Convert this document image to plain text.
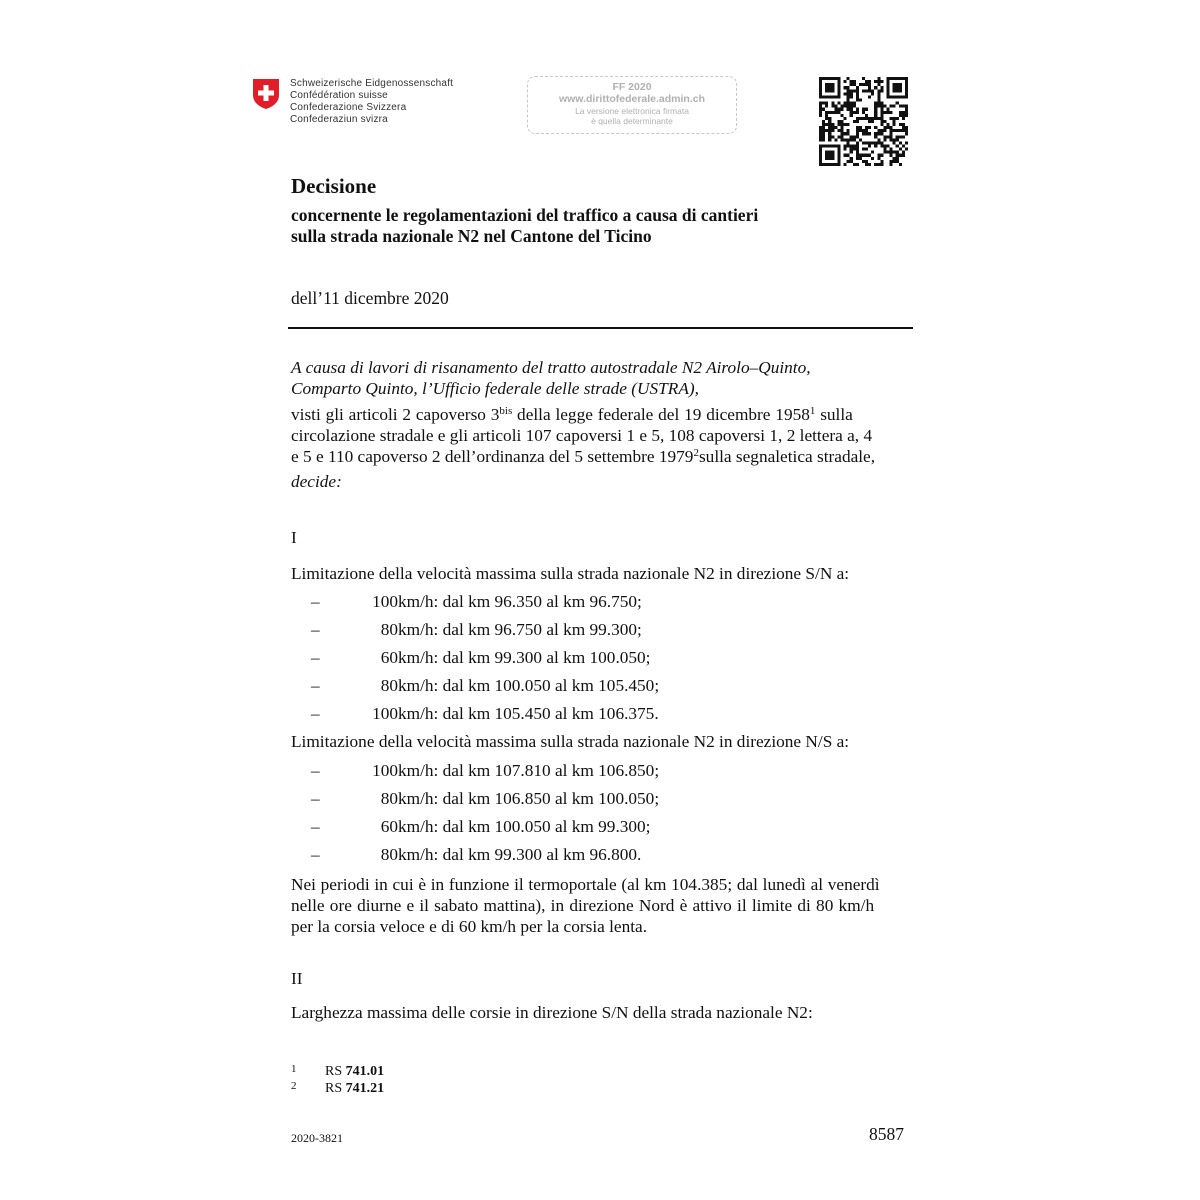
Schweizerische Eidgenossenschaft
Confédération suisse
Confederazione Svizzera
Confederaziun svizra
FF 2020
www.dirittofederale.admin.ch
La versione elettronica firmata
è quella determinante
Decisione
concernente le regolamentazioni del traffico a causa di cantieri
sulla strada nazionale N2 nel Cantone del Ticino
dell’11 dicembre 2020
A causa di lavori di risanamento del tratto autostradale N2 Airolo–Quinto,
Comparto Quinto, l’Ufficio federale delle strade (USTRA),
visti gli articoli 2 capoverso $3^{bis}$ della legge federale del 19 dicembre 1958$^1$ sulla
circolazione stradale e gli articoli 107 capoversi 1 e 5, 108 capoversi 1, 2 lettera a, 4
e 5 e 110 capoverso 2 dell’ordinanza del 5 settembre 1979$^2$sulla segnaletica stradale,
decide:
I
Limitazione della velocità massima sulla strada nazionale N2 in direzione S/N a:
–	100 km/h: dal km 96.350 al km 96.750;
–	80 km/h: dal km 96.750 al km 99.300;
–	60 km/h: dal km 99.300 al km 100.050;
–	80 km/h: dal km 100.050 al km 105.450;
–	100 km/h: dal km 105.450 al km 106.375.
Limitazione della velocità massima sulla strada nazionale N2 in direzione N/S a:
–	100 km/h: dal km 107.810 al km 106.850;
–	80 km/h: dal km 106.850 al km 100.050;
–	60 km/h: dal km 100.050 al km 99.300;
–	80 km/h: dal km 99.300 al km 96.800.
Nei periodi in cui è in funzione il termoportale (al km 104.385; dal lunedì al venerdì
nelle ore diurne e il sabato mattina), in direzione Nord è attivo il limite di 80 km/h
per la corsia veloce e di 60 km/h per la corsia lenta.
II
Larghezza massima delle corsie in direzione S/N della strada nazionale N2:
1 RS 741.01
2 RS 741.21
2020-3821	8587
